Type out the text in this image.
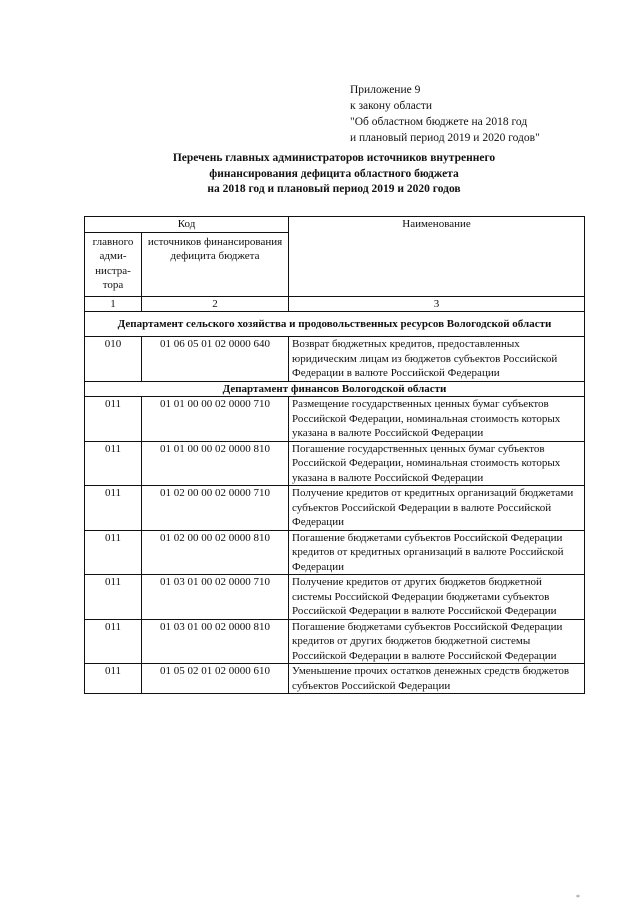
Приложение 9
к закону области
"Об областном бюджете на 2018 год
и плановый период 2019 и 2020 годов"
Перечень главных администраторов источников внутреннего
финансирования дефицита областного бюджета
на 2018 год и плановый период 2019 и 2020 годов
Код		Наименование
главного адми-нистра-тора	источников финансирования дефицита бюджета	
1	2	3
Департамент сельского хозяйства и продовольственных ресурсов Вологодской области		
010	01 06 05 01 02 0000 640	Возврат бюджетных кредитов, предоставленных юридическим лицам из бюджетов субъектов Российской Федерации в валюте Российской Федерации
Департамент финансов Вологодской области		
011	01 01 00 00 02 0000 710	Размещение государственных ценных бумаг субъектов Российской Федерации, номинальная стоимость которых указана в валюте Российской Федерации
011	01 01 00 00 02 0000 810	Погашение государственных ценных бумаг субъектов Российской Федерации, номинальная стоимость которых указана в валюте Российской Федерации
011	01 02 00 00 02 0000 710	Получение кредитов от кредитных организаций бюджетами субъектов Российской Федерации в валюте Российской Федерации
011	01 02 00 00 02 0000 810	Погашение бюджетами субъектов Российской Федерации кредитов от кредитных организаций в валюте Российской Федерации
011	01 03 01 00 02 0000 710	Получение кредитов от других бюджетов бюджетной системы Российской Федерации бюджетами субъектов Российской Федерации в валюте Российской Федерации
011	01 03 01 00 02 0000 810	Погашение бюджетами субъектов Российской Федерации кредитов от других бюджетов бюджетной системы Российской Федерации в валюте Российской Федерации
011	01 05 02 01 02 0000 610	Уменьшение прочих остатков денежных средств бюджетов субъектов Российской Федерации
*
